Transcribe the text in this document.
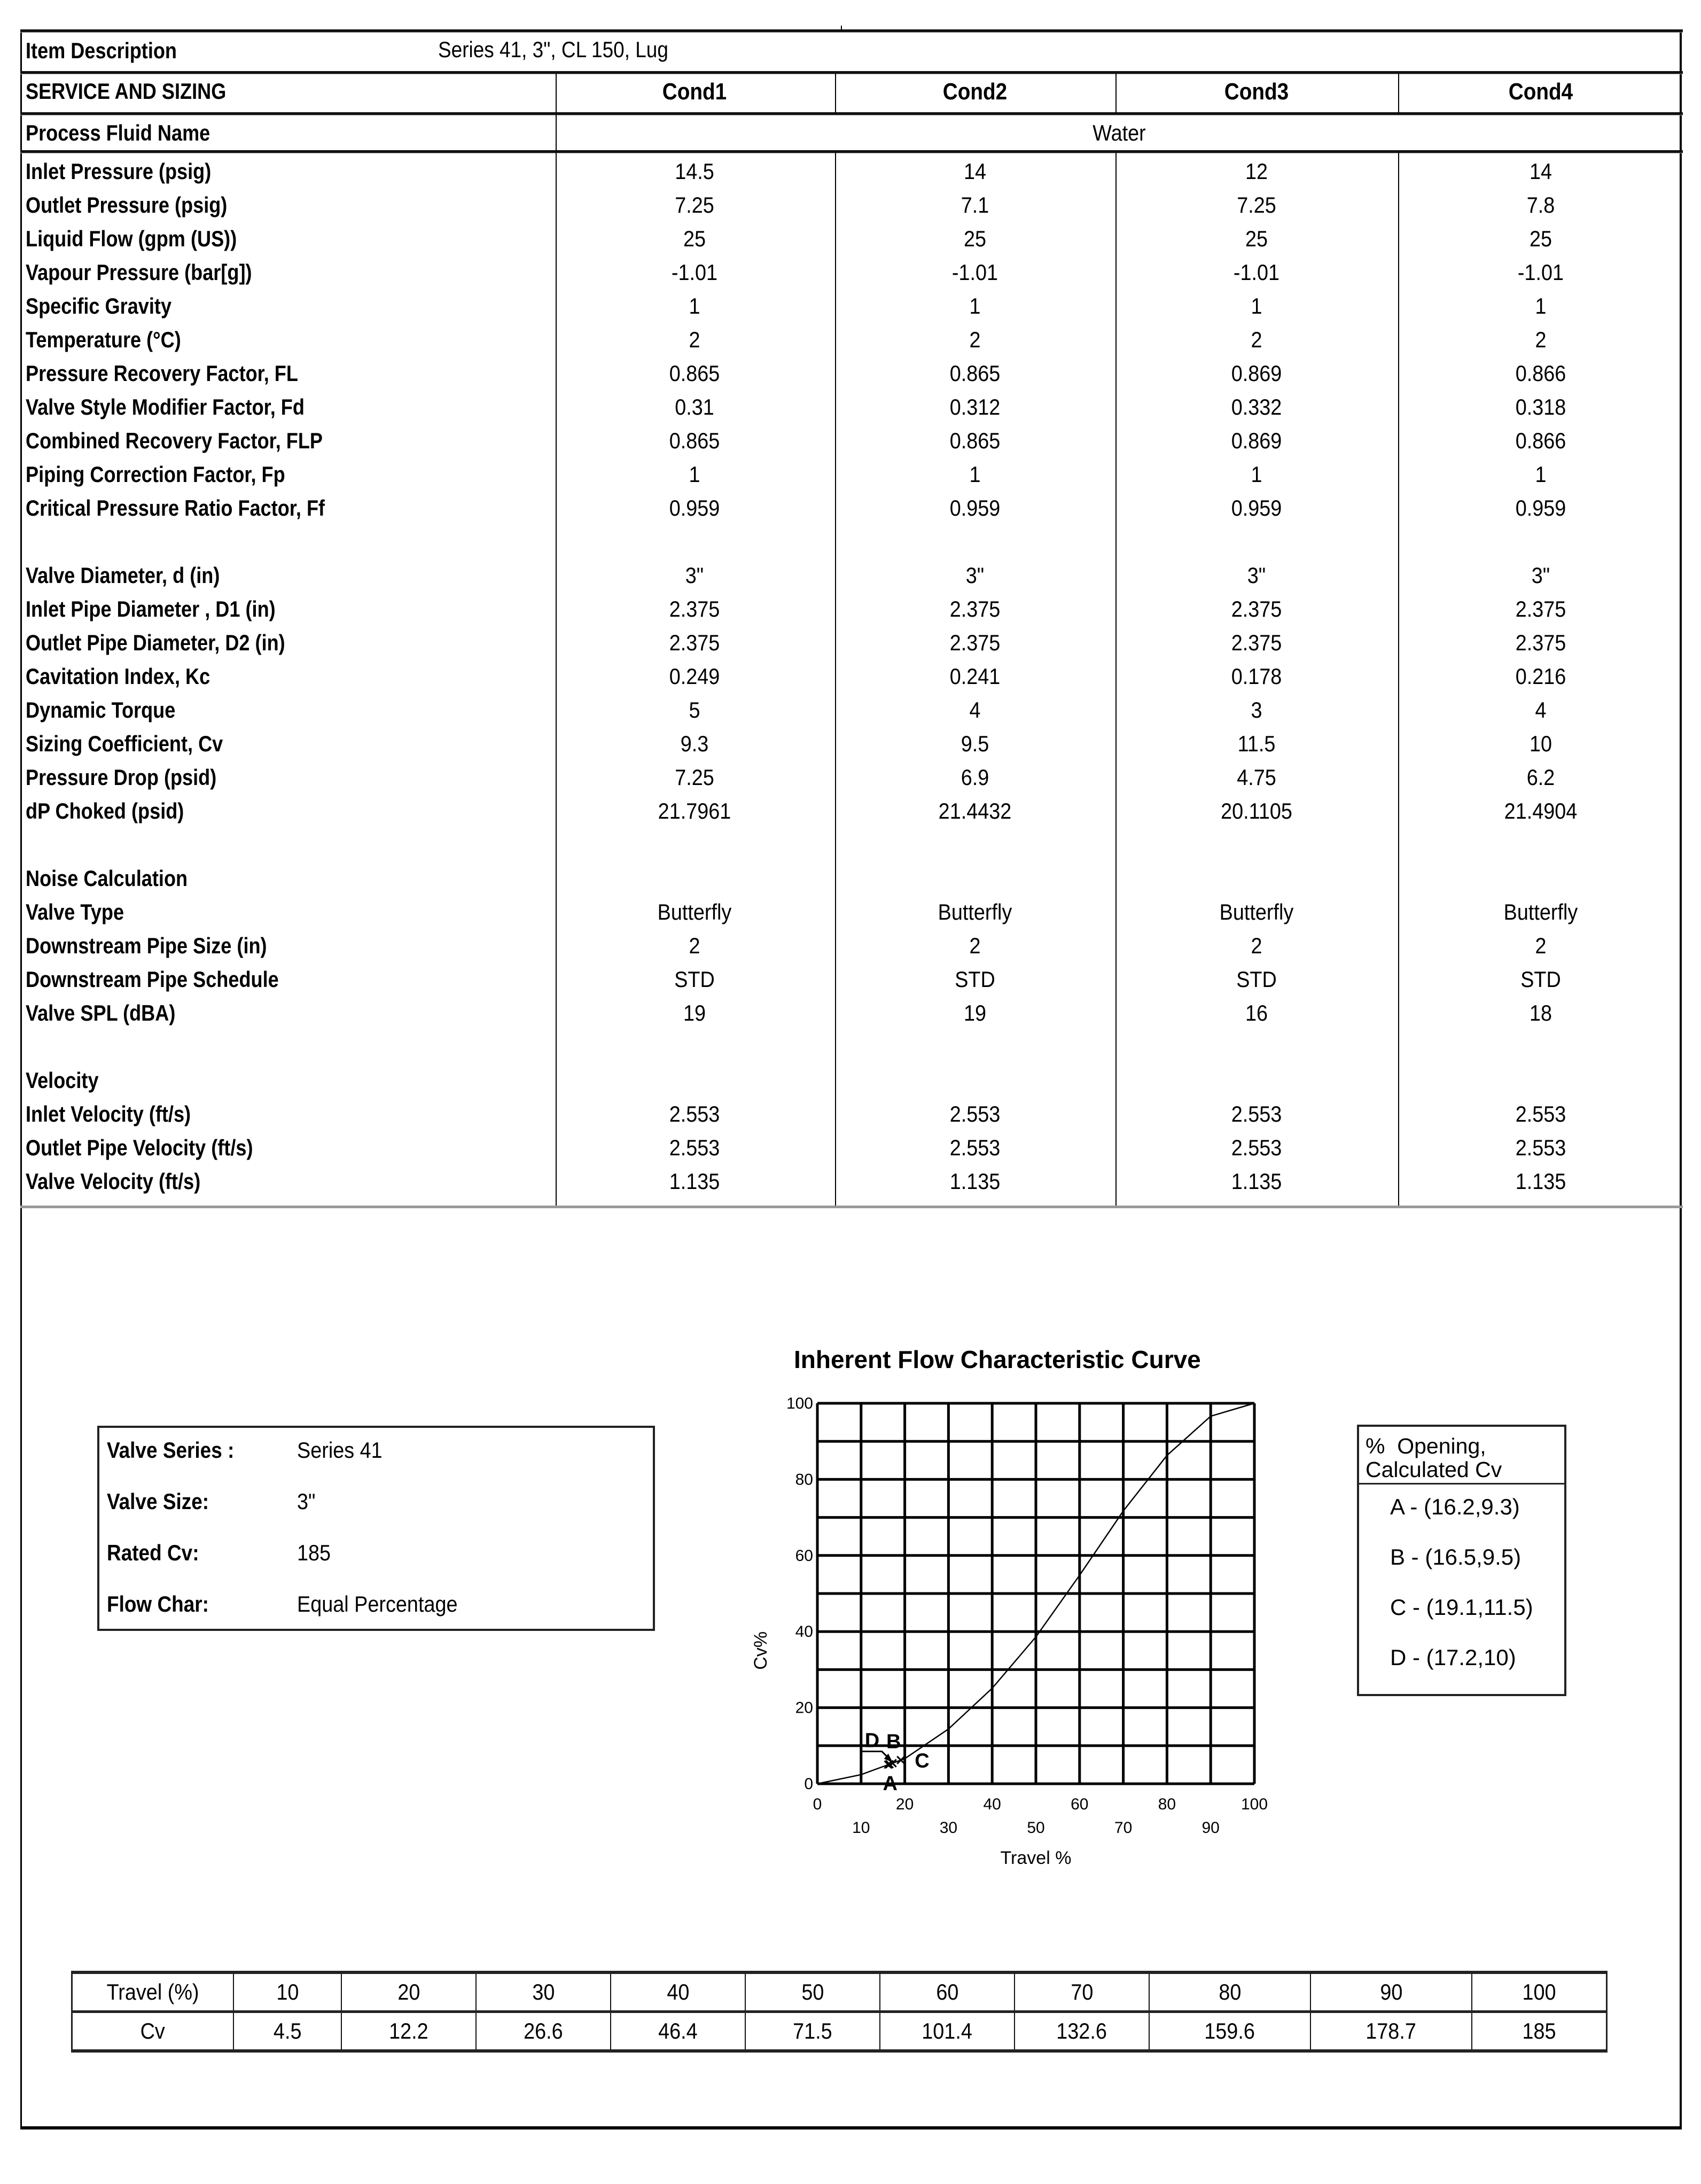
Item Description	Series 41, 3", CL 150, Lug
SERVICE AND SIZING	Cond1	Cond2	Cond3	Cond4
Process Fluid Name	Water
Inlet Pressure (psig)	14.5	14	12	14
Outlet Pressure (psig)	7.25	7.1	7.25	7.8
Liquid Flow (gpm (US))	25	25	25	25
Vapour Pressure (bar[g])	-1.01	-1.01	-1.01	-1.01
Specific Gravity	1	1	1	1
Temperature (°C)	2	2	2	2
Pressure Recovery Factor, FL	0.865	0.865	0.869	0.866
Valve Style Modifier Factor, Fd	0.31	0.312	0.332	0.318
Combined Recovery Factor, FLP	0.865	0.865	0.869	0.866
Piping Correction Factor, Fp	1	1	1	1
Critical Pressure Ratio Factor, Ff	0.959	0.959	0.959	0.959
Valve Diameter, d (in)	3"	3"	3"	3"
Inlet Pipe Diameter , D1 (in)	2.375	2.375	2.375	2.375
Outlet Pipe Diameter, D2 (in)	2.375	2.375	2.375	2.375
Cavitation Index, Kc	0.249	0.241	0.178	0.216
Dynamic Torque	5	4	3	4
Sizing Coefficient, Cv	9.3	9.5	11.5	10
Pressure Drop (psid)	7.25	6.9	4.75	6.2
dP Choked (psid)	21.7961	21.4432	20.1105	21.4904
Noise Calculation
Valve Type	Butterfly	Butterfly	Butterfly	Butterfly
Downstream Pipe Size (in)	2	2	2	2
Downstream Pipe Schedule	STD	STD	STD	STD
Valve SPL (dBA)	19	19	16	18
Velocity
Inlet Velocity (ft/s)	2.553	2.553	2.553	2.553
Outlet Pipe Velocity (ft/s)	2.553	2.553	2.553	2.553
Valve Velocity (ft/s)	1.135	1.135	1.135	1.135
Valve Series :	Series 41
Valve Size:	3"
Rated Cv:	185
Flow Char:	Equal Percentage
Inherent Flow Characteristic Curve
0
20
40
60
80
100
0	20	40	60	80	100
10	30	50	70	90
Travel %
Cv%
A
B
C
D
%  Opening,
Calculated Cv
A - (16.2,9.3)
B - (16.5,9.5)
C - (19.1,11.5)
D - (17.2,10)
Travel (%)	10	20	30	40	50	60	70	80	90	100
Cv	4.5	12.2	26.6	46.4	71.5	101.4	132.6	159.6	178.7	185
